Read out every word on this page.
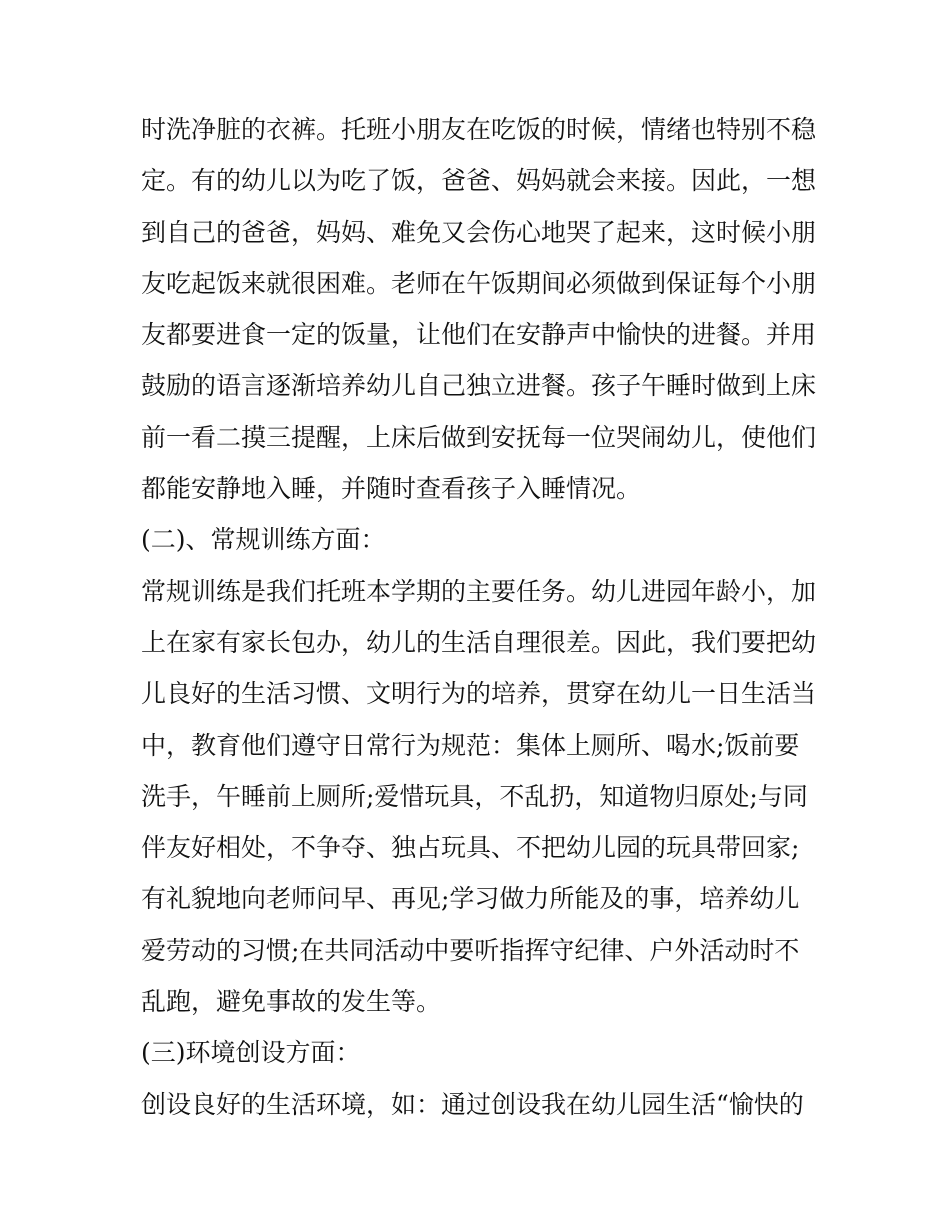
时洗净脏的衣裤。托班小朋友在吃饭的时候，情绪也特别不稳
定。有的幼儿以为吃了饭，爸爸、妈妈就会来接。因此，一想
到自己的爸爸，妈妈、难免又会伤心地哭了起来，这时候小朋
友吃起饭来就很困难。老师在午饭期间必须做到保证每个小朋
友都要进食一定的饭量，让他们在安静声中愉快的进餐。并用
鼓励的语言逐渐培养幼儿自己独立进餐。孩子午睡时做到上床
前一看二摸三提醒，上床后做到安抚每一位哭闹幼儿，使他们
都能安静地入睡，并随时查看孩子入睡情况。
(二)、常规训练方面：
常规训练是我们托班本学期的主要任务。幼儿进园年龄小，加
上在家有家长包办，幼儿的生活自理很差。因此，我们要把幼
儿良好的生活习惯、文明行为的培养，贯穿在幼儿一日生活当
中，教育他们遵守日常行为规范：集体上厕所、喝水;饭前要
洗手，午睡前上厕所;爱惜玩具，不乱扔，知道物归原处;与同
伴友好相处，不争夺、独占玩具、不把幼儿园的玩具带回家;
有礼貌地向老师问早、再见;学习做力所能及的事，培养幼儿
爱劳动的习惯;在共同活动中要听指挥守纪律、户外活动时不
乱跑，避免事故的发生等。
(三)环境创设方面：
创设良好的生活环境，如：通过创设我在幼儿园生活“愉快的
